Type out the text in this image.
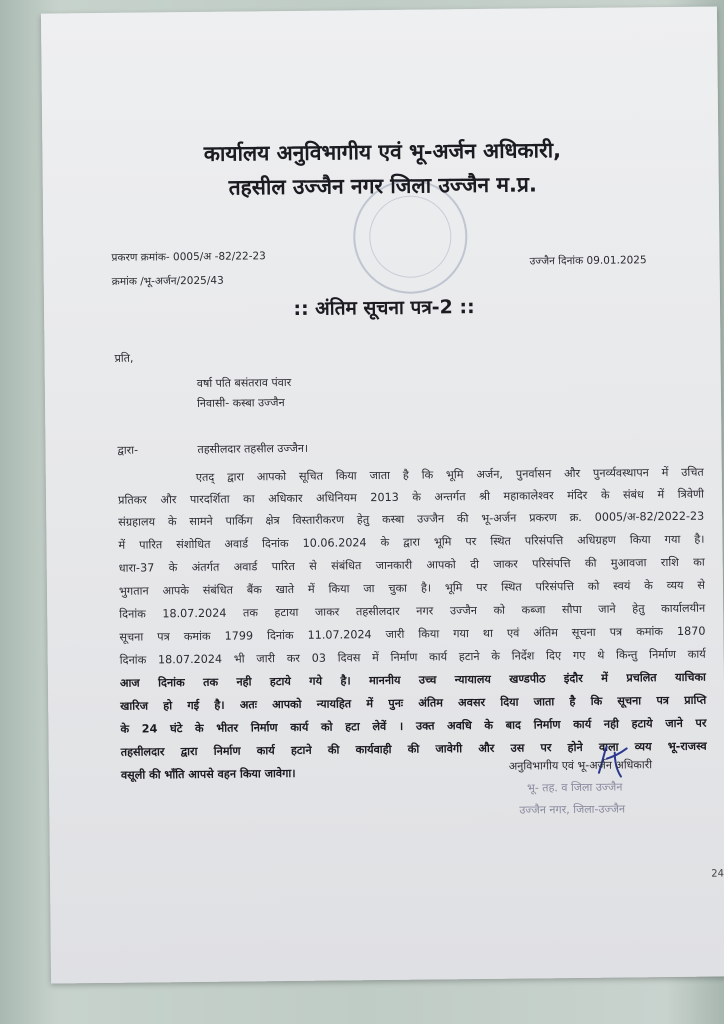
कार्यालय अनुविभागीय एवं भू-अर्जन अधिकारी,
तहसील उज्जैन नगर जिला उज्जैन म.प्र.
प्रकरण क्रमांक- 0005/अ -82/22-23
क्रमांक /भू-अर्जन/2025/43
उज्जैन दिनांक 09.01.2025
:: अंतिम सूचना पत्र-2 ::
प्रति,
वर्षा पति बसंतराव पंवार
निवासी- कस्बा उज्जैन
द्वारा-	तहसीलदार तहसील उज्जैन।
एतद् द्वारा आपको सूचित किया जाता है कि भूमि अर्जन, पुनर्वासन और पुनर्व्यवस्थापन में उचित
प्रतिकर और पारदर्शिता का अधिकार अधिनियम 2013 के अन्तर्गत श्री महाकालेश्वर मंदिर के संबंध में त्रिवेणी
संग्रहालय के सामने पार्किग क्षेत्र विस्तारीकरण हेतु कस्बा उज्जैन की भू-अर्जन प्रकरण क्र. 0005/अ-82/2022-23
में पारित संशोधित अवार्ड दिनांक 10.06.2024 के द्वारा भूमि पर स्थित परिसंपत्ति अधिग्रहण किया गया है।
धारा-37 के अंतर्गत अवार्ड पारित से संबंधित जानकारी आपको दी जाकर परिसंपत्ति की मुआवजा राशि का
भुगतान आपके संबंधित बैंक खाते में किया जा चुका है। भूमि पर स्थित परिसंपत्ति को स्वयं के व्यय से
दिनांक 18.07.2024 तक हटाया जाकर तहसीलदार नगर उज्जैन को कब्जा सौपा जाने हेतु कार्यालयीन
सूचना पत्र कमांक 1799 दिनांक 11.07.2024 जारी किया गया था एवं अंतिम सूचना पत्र कमांक 1870
दिनांक 18.07.2024 भी जारी कर 03 दिवस में निर्माण कार्य हटाने के निर्देश दिए गए थे किन्तु निर्माण कार्य
आज दिनांक तक नही हटाये गये है। माननीय उच्च न्यायालय खण्डपीठ इंदौर में प्रचलित याचिका
खारिज हो गई है। अतः आपको न्यायहित में पुनः अंतिम अवसर दिया जाता है कि सूचना पत्र प्राप्ति
के 24 घंटे के भीतर निर्माण कार्य को हटा लेवें । उक्त अवधि के बाद निर्माण कार्य नही हटाये जाने पर
तहसीलदार द्वारा निर्माण कार्य हटाने की कार्यवाही की जावेगी और उस पर होने वाला व्यय भू-राजस्व
वसूली की भाँति आपसे वहन किया जावेगा।
अनुविभागीय एवं भू-अर्जन अधिकारी
भू- तह. व जिला उज्जैन
उज्जैन नगर, जिला-उज्जैन
24
